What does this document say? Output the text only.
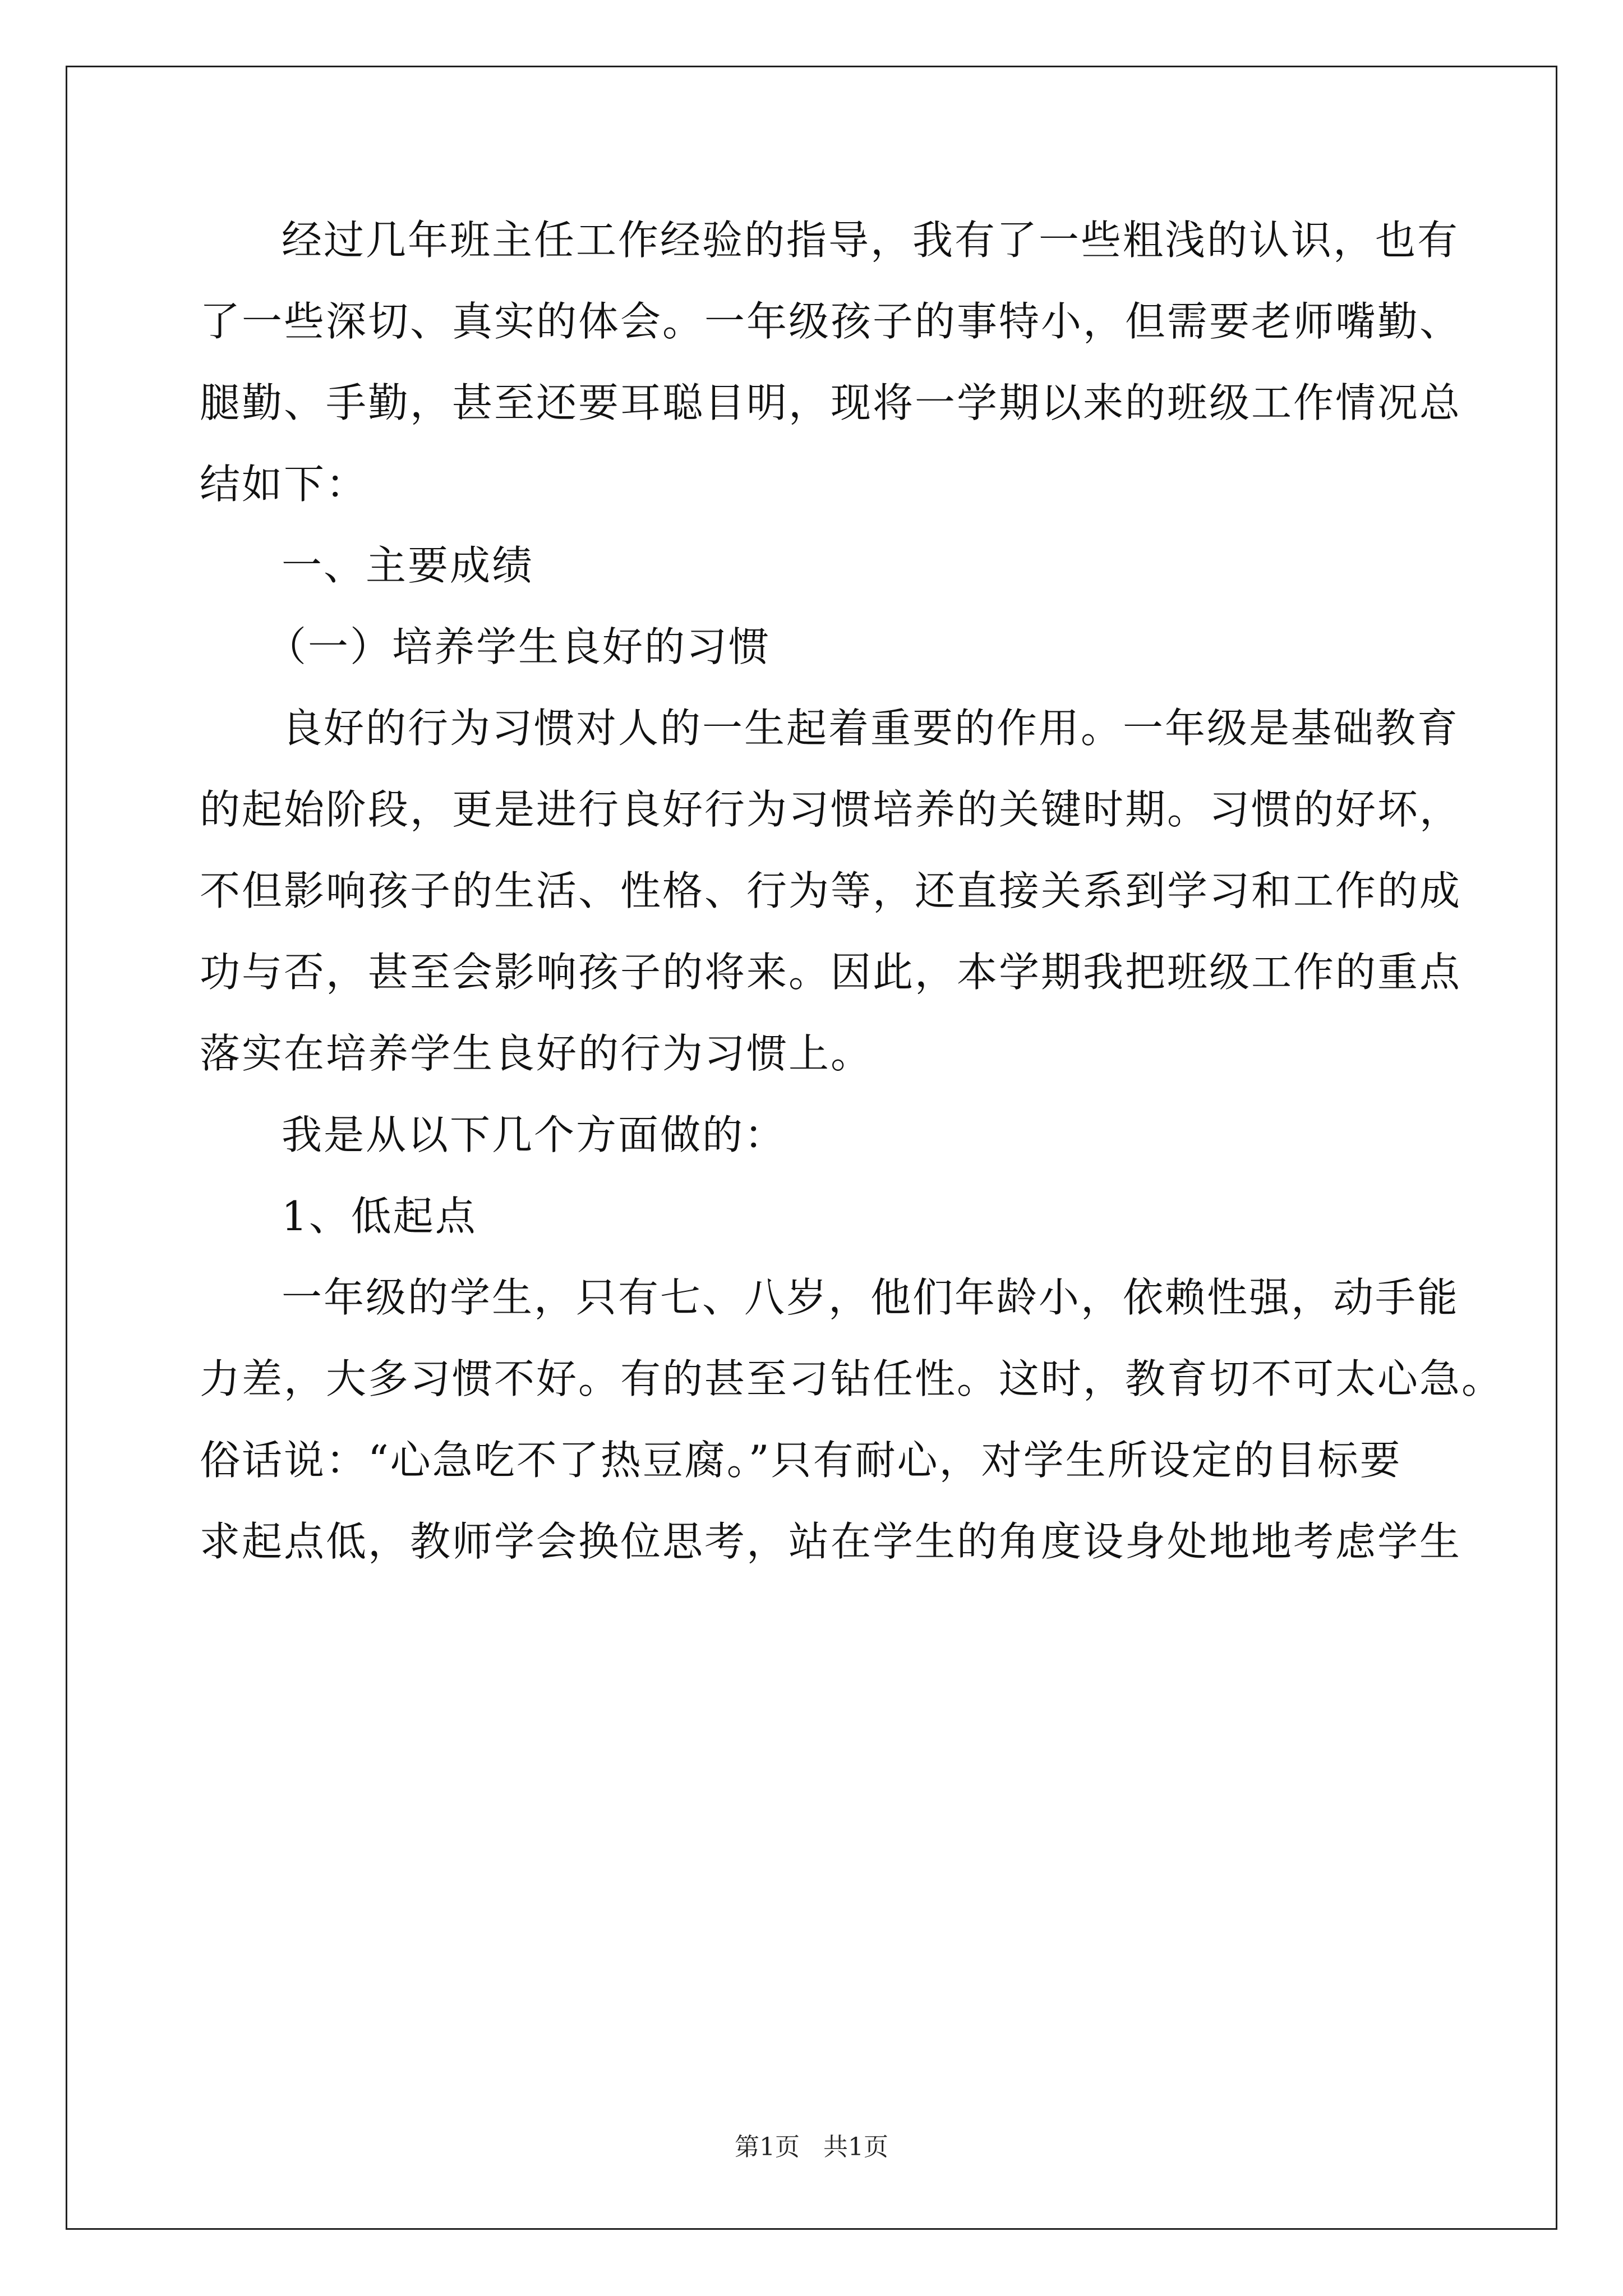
经过几年班主任工作经验的指导，我有了一些粗浅的认识，也有
了一些深切、真实的体会。一年级孩子的事特小，但需要老师嘴勤、
腿勤、手勤，甚至还要耳聪目明，现将一学期以来的班级工作情况总
结如下：
一、主要成绩
（一）培养学生良好的习惯
良好的行为习惯对人的一生起着重要的作用。一年级是基础教育
的起始阶段，更是进行良好行为习惯培养的关键时期。习惯的好坏，
不但影响孩子的生活、性格、行为等，还直接关系到学习和工作的成
功与否，甚至会影响孩子的将来。因此，本学期我把班级工作的重点
落实在培养学生良好的行为习惯上。
我是从以下几个方面做的：
1、低起点
一年级的学生，只有七、八岁，他们年龄小，依赖性强，动手能
力差，大多习惯不好。有的甚至刁钻任性。这时，教育切不可太心急。
俗话说：“心急吃不了热豆腐。”只有耐心，对学生所设定的目标要
求起点低，教师学会换位思考，站在学生的角度设身处地地考虑学生
第1页 共1页
